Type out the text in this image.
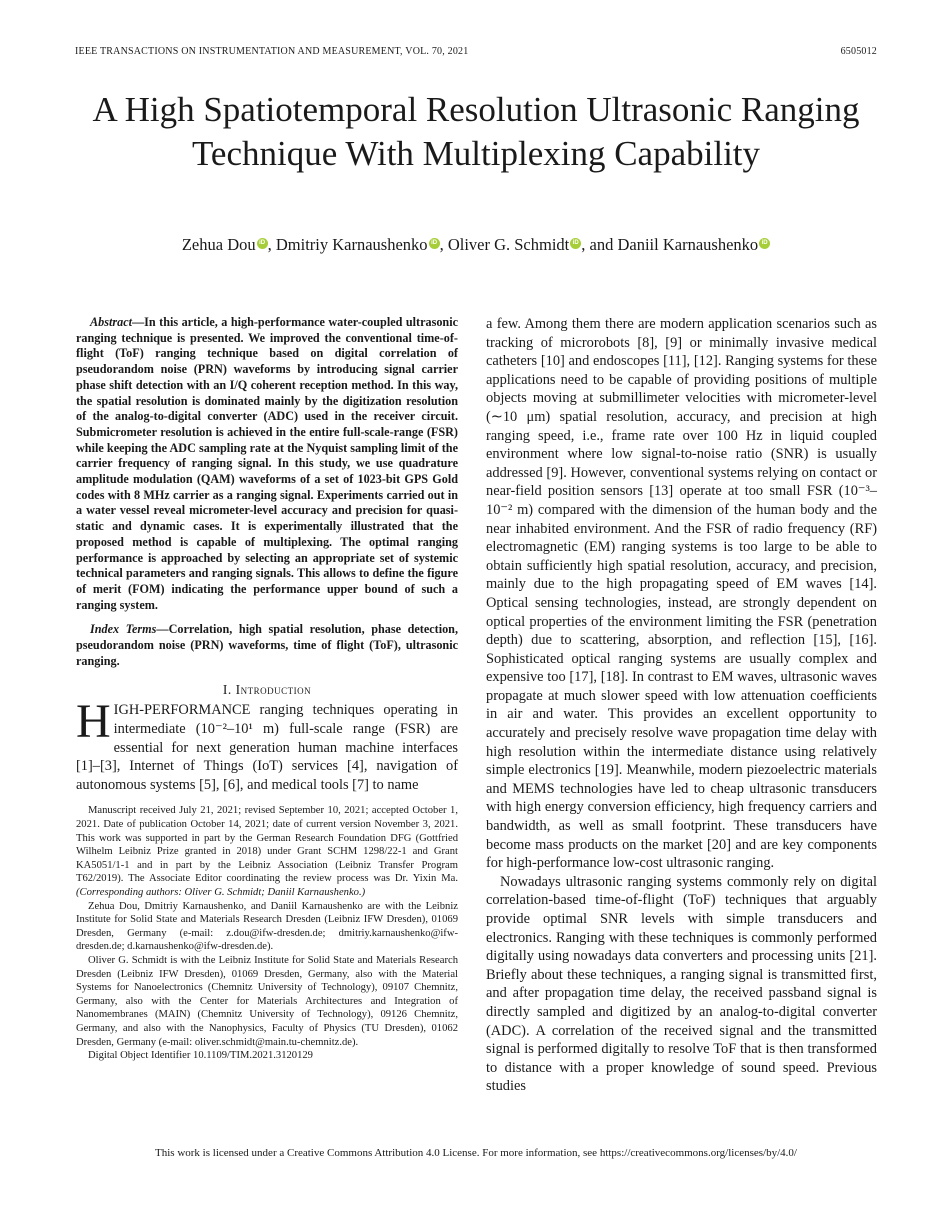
IEEE TRANSACTIONS ON INSTRUMENTATION AND MEASUREMENT, VOL. 70, 2021	6505012
A High Spatiotemporal Resolution Ultrasonic Ranging Technique With Multiplexing Capability
Zehua Dou iD , Dmitriy Karnaushenko iD , Oliver G. Schmidt iD , and Daniil Karnaushenko iD

Abstract—In this article, a high-performance water-coupled ultrasonic ranging technique is presented. We improved the conventional time-of-flight (ToF) ranging technique based on digital correlation of pseudorandom noise (PRN) waveforms by introducing signal carrier phase shift detection with an I/Q coherent reception method. In this way, the spatial resolution is dominated mainly by the digitization resolution of the analog-to-digital converter (ADC) used in the receiver circuit. Submicrometer resolution is achieved in the entire full-scale-range (FSR) while keeping the ADC sampling rate at the Nyquist sampling limit of the carrier frequency of ranging signal. In this study, we use quadrature amplitude modulation (QAM) waveforms of a set of 1023-bit GPS Gold codes with 8 MHz carrier as a ranging signal. Experiments carried out in a water vessel reveal micrometer-level accuracy and precision for quasi-static and dynamic cases. It is experimentally illustrated that the proposed method is capable of multiplexing. The optimal ranging performance is approached by selecting an appropriate set of systemic technical parameters and ranging signals. This allows to define the figure of merit (FOM) indicating the performance upper bound of such a ranging system.

Index Terms—Correlation, high spatial resolution, phase detection, pseudorandom noise (PRN) waveforms, time of flight (ToF), ultrasonic ranging.

I. Introduction

HIGH-PERFORMANCE ranging techniques operating in intermediate (10⁻²–10¹ m) full-scale range (FSR) are essential for next generation human machine interfaces [1]–[3], Internet of Things (IoT) services [4], navigation of autonomous systems [5], [6], and medical tools [7] to name

Manuscript received July 21, 2021; revised September 10, 2021; accepted October 1, 2021. Date of publication October 14, 2021; date of current version November 3, 2021. This work was supported in part by the German Research Foundation DFG (Gottfried Wilhelm Leibniz Prize granted in 2018) under Grant SCHM 1298/22-1 and Grant KA5051/1-1 and in part by the Leibniz Association (Leibniz Transfer Program T62/2019). The Associate Editor coordinating the review process was Dr. Yixin Ma. (Corresponding authors: Oliver G. Schmidt; Daniil Karnaushenko.)

Zehua Dou, Dmitriy Karnaushenko, and Daniil Karnaushenko are with the Leibniz Institute for Solid State and Materials Research Dresden (Leibniz IFW Dresden), 01069 Dresden, Germany (e-mail: z.dou@ifw-dresden.de; dmitriy.karnaushenko@ifw-dresden.de; d.karnaushenko@ifw-dresden.de).

Oliver G. Schmidt is with the Leibniz Institute for Solid State and Materials Research Dresden (Leibniz IFW Dresden), 01069 Dresden, Germany, also with the Material Systems for Nanoelectronics (Chemnitz University of Technology), 09107 Chemnitz, Germany, also with the Center for Materials Architectures and Integration of Nanomembranes (MAIN) (Chemnitz University of Technology), 09126 Chemnitz, Germany, and also with the Nanophysics, Faculty of Physics (TU Dresden), 01062 Dresden, Germany (e-mail: oliver.schmidt@main.tu-chemnitz.de).

Digital Object Identifier 10.1109/TIM.2021.3120129

a few. Among them there are modern application scenarios such as tracking of microrobots [8], [9] or minimally invasive medical catheters [10] and endoscopes [11], [12]. Ranging systems for these applications need to be capable of providing positions of multiple objects moving at submillimeter velocities with micrometer-level (∼10 μm) spatial resolution, accuracy, and precision at high ranging speed, i.e., frame rate over 100 Hz in liquid coupled environment where low signal-to-noise ratio (SNR) is usually addressed [9]. However, conventional systems relying on contact or near-field position sensors [13] operate at too small FSR (10⁻³–10⁻² m) compared with the dimension of the human body and the near inhabited environment. And the FSR of radio frequency (RF) electromagnetic (EM) ranging systems is too large to be able to obtain sufficiently high spatial resolution, accuracy, and precision, mainly due to the high propagating speed of EM waves [14]. Optical sensing technologies, instead, are strongly dependent on optical properties of the environment limiting the FSR (penetration depth) due to scattering, absorption, and reflection [15], [16]. Sophisticated optical ranging systems are usually complex and expensive too [17], [18]. In contrast to EM waves, ultrasonic waves propagate at much slower speed with low attenuation coefficients in air and water. This provides an excellent opportunity to accurately and precisely resolve wave propagation time delay with high resolution within the intermediate distance using relatively simple electronics [19]. Meanwhile, modern piezoelectric materials and MEMS technologies have led to cheap ultrasonic transducers with high energy conversion efficiency, high frequency carriers and bandwidth, as well as small footprint. These transducers have become mass products on the market [20] and are key components for high-performance low-cost ultrasonic ranging.

Nowadays ultrasonic ranging systems commonly rely on digital correlation-based time-of-flight (ToF) techniques that arguably provide optimal SNR levels with simple transducers and electronics. Ranging with these techniques is commonly performed digitally using nowadays data converters and processing units [21]. Briefly about these techniques, a ranging signal is transmitted first, and after propagation time delay, the received passband signal is directly sampled and digitized by an analog-to-digital converter (ADC). A correlation of the received signal and the transmitted signal is performed digitally to resolve ToF that is then transformed to distance with a proper knowledge of sound speed. Previous studies

This work is licensed under a Creative Commons Attribution 4.0 License. For more information, see https://creativecommons.org/licenses/by/4.0/
